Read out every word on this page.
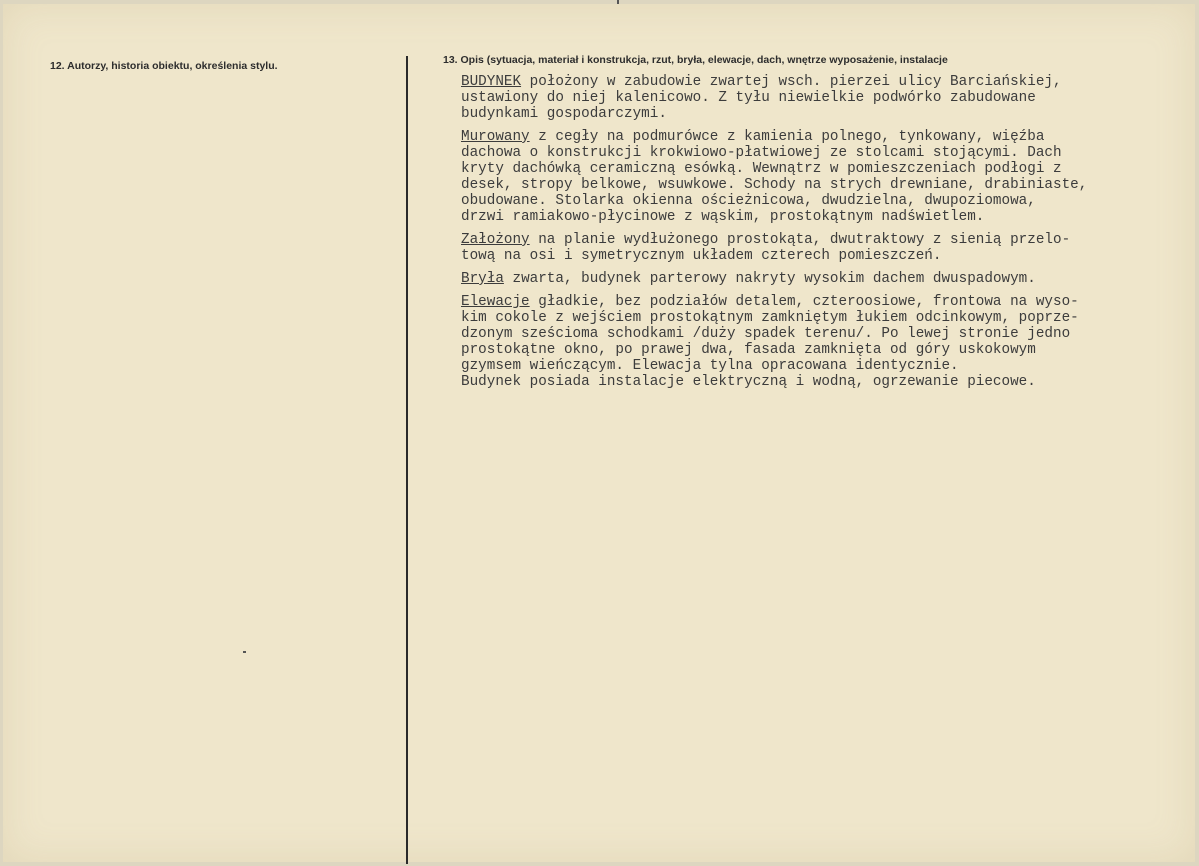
12. Autorzy, historia obiektu, określenia stylu.	13. Opis (sytuacja, materiał i konstrukcja, rzut, bryła, elewacje, dach, wnętrze wyposażenie, instalacje
BUDYNEK położony w zabudowie zwartej wsch. pierzei ulicy Barciańskiej,
ustawiony do niej kalenicowo. Z tyłu niewielkie podwórko zabudowane
budynkami gospodarczymi.
Murowany z cegły na podmurówce z kamienia polnego, tynkowany, więźba
dachowa o konstrukcji krokwiowo-płatwiowej ze stolcami stojącymi. Dach
kryty dachówką ceramiczną esówką. Wewnątrz w pomieszczeniach podłogi z
desek, stropy belkowe, wsuwkowe. Schody na strych drewniane, drabiniaste,
obudowane. Stolarka okienna ościeżnicowa, dwudzielna, dwupoziomowa,
drzwi ramiakowo-płycinowe z wąskim, prostokątnym nadświetlem.
Założony na planie wydłużonego prostokąta, dwutraktowy z sienią przelo-
tową na osi i symetrycznym układem czterech pomieszczeń.
Bryła zwarta, budynek parterowy nakryty wysokim dachem dwuspadowym.
Elewacje gładkie, bez podziałów detalem, czteroosiowe, frontowa na wyso-
kim cokole z wejściem prostokątnym zamkniętym łukiem odcinkowym, poprze-
dzonym sześcioma schodkami /duży spadek terenu/. Po lewej stronie jedno
prostokątne okno, po prawej dwa, fasada zamknięta od góry uskokowym
gzymsem wieńczącym. Elewacja tylna opracowana identycznie.
Budynek posiada instalacje elektryczną i wodną, ogrzewanie piecowe.
